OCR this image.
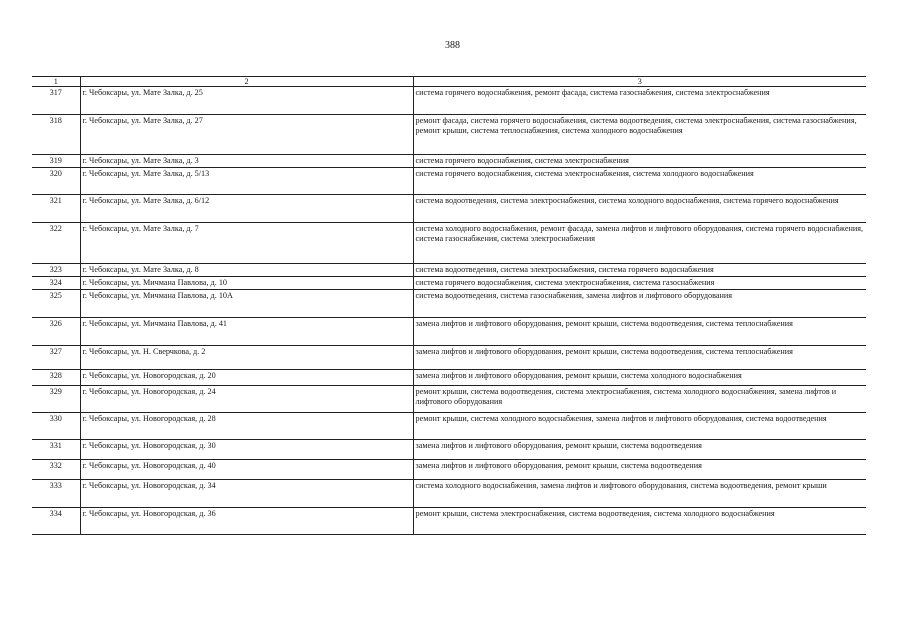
388
1	2	3
317	г. Чебоксары, ул. Мате Залка, д. 25	система горячего водоснабжения, ремонт фасада, система газоснабжения, система электроснабжения
318	г. Чебоксары, ул. Мате Залка, д. 27	ремонт фасада, система горячего водоснабжения, система водоотведения, система электроснабжения, система газоснабжения, ремонт крыши, система теплоснабжения, система холодного водоснабжения
319	г. Чебоксары, ул. Мате Залка, д. 3	система горячего водоснабжения, система электроснабжения
320	г. Чебоксары, ул. Мате Залка, д. 5/13	система горячего водоснабжения, система электроснабжения, система холодного водоснабжения
321	г. Чебоксары, ул. Мате Залка, д. 6/12	система водоотведения, система электроснабжения, система холодного водоснабжения, система горячего водоснабжения
322	г. Чебоксары, ул. Мате Залка, д. 7	система холодного водоснабжения, ремонт фасада, замена лифтов и лифтового оборудования, система горячего водоснабжения, система газоснабжения, система электроснабжения
323	г. Чебоксары, ул. Мате Залка, д. 8	система водоотведения, система электроснабжения, система горячего водоснабжения
324	г. Чебоксары, ул. Мичмана Павлова, д. 10	система горячего водоснабжения, система электроснабжения, система газоснабжения
325	г. Чебоксары, ул. Мичмана Павлова, д. 10А	система водоотведения, система газоснабжения, замена лифтов и лифтового оборудования
326	г. Чебоксары, ул. Мичмана Павлова, д. 41	замена лифтов и лифтового оборудования, ремонт крыши, система водоотведения, система теплоснабжения
327	г. Чебоксары, ул. Н. Сверчкова, д. 2	замена лифтов и лифтового оборудования, ремонт крыши, система водоотведения, система теплоснабжения
328	г. Чебоксары, ул. Новогородская, д. 20	замена лифтов и лифтового оборудования, ремонт крыши, система холодного водоснабжения
329	г. Чебоксары, ул. Новогородская, д. 24	ремонт крыши, система водоотведения, система электроснабжения, система холодного водоснабжения, замена лифтов и лифтового оборудования
330	г. Чебоксары, ул. Новогородская, д. 28	ремонт крыши, система холодного водоснабжения, замена лифтов и лифтового оборудования, система водоотведения
331	г. Чебоксары, ул. Новогородская, д. 30	замена лифтов и лифтового оборудования, ремонт крыши, система водоотведения
332	г. Чебоксары, ул. Новогородская, д. 40	замена лифтов и лифтового оборудования, ремонт крыши, система водоотведения
333	г. Чебоксары, ул. Новогородская, д. 34	система холодного водоснабжения, замена лифтов и лифтового оборудования, система водоотведения, ремонт крыши
334	г. Чебоксары, ул. Новогородская, д. 36	ремонт крыши, система электроснабжения, система водоотведения, система холодного водоснабжения
